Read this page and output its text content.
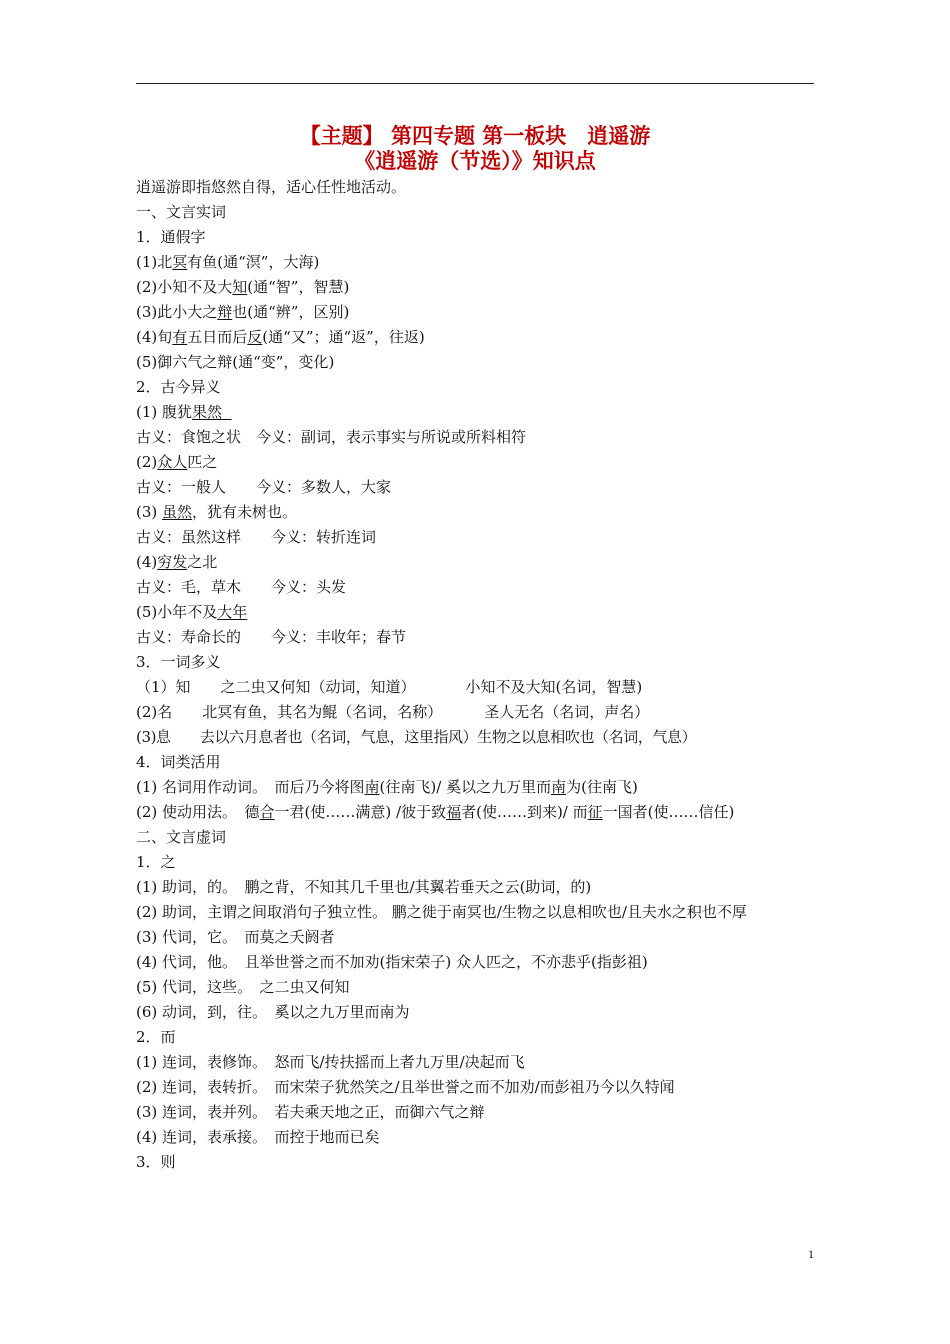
【主题】 第四专题 第一板块　逍遥游
《逍遥游（节选）》知识点
逍遥游即指悠然自得，适心任性地活动。
一、文言实词
1．通假字
(1)北冥有鱼(通“溟”，大海)
(2)小知不及大知(通“智”，智慧)
(3)此小大之辩也(通“辨”，区别)
(4)旬有五日而后反(通“又”；通“返”，往返)
(5)御六气之辩(通“变”，变化)
2．古今异义
(1) 腹犹果然
古义：食饱之状　今义：副词，表示事实与所说或所料相符
(2)众人匹之
古义：一般人　　今义：多数人，大家
(3) 虽然，犹有未树也。
古义：虽然这样　　今义：转折连词
(4)穷发之北
古义：毛，草木　　今义：头发
(5)小年不及大年
古义：寿命长的　　今义：丰收年；春节
3．一词多义
（1）知　　之二虫又何知（动词，知道）	小知不及大知(名词，智慧)
(2)名　　北冥有鱼，其名为鲲（名词，名称）	圣人无名（名词，声名）
(3)息　　去以六月息者也（名词，气息，这里指风）生物之以息相吹也（名词，气息）
4．词类活用
(1) 名词用作动词。　而后乃今将图南(往南飞)/ 奚以之九万里而南为(往南飞)
(2) 使动用法。　德合一君(使……满意) /彼于致福者(使……到来)/ 而征一国者(使……信任)
二、文言虚词
1．之
(1) 助词，的。　鹏之背，不知其几千里也/其翼若垂天之云(助词，的)
(2) 助词，主谓之间取消句子独立性。 鹏之徙于南冥也/生物之以息相吹也/且夫水之积也不厚
(3) 代词，它。　而莫之夭阏者
(4) 代词，他。　且举世誉之而不加劝(指宋荣子) 众人匹之，不亦悲乎(指彭祖)
(5) 代词，这些。　之二虫又何知
(6) 动词，到，往。　奚以之九万里而南为
2．而
(1) 连词，表修饰。　怒而飞/抟扶摇而上者九万里/决起而飞
(2) 连词，表转折。　而宋荣子犹然笑之/且举世誉之而不加劝/而彭祖乃今以久特闻
(3) 连词，表并列。　若夫乘天地之正，而御六气之辩
(4) 连词，表承接。　而控于地而已矣
3．则
1
